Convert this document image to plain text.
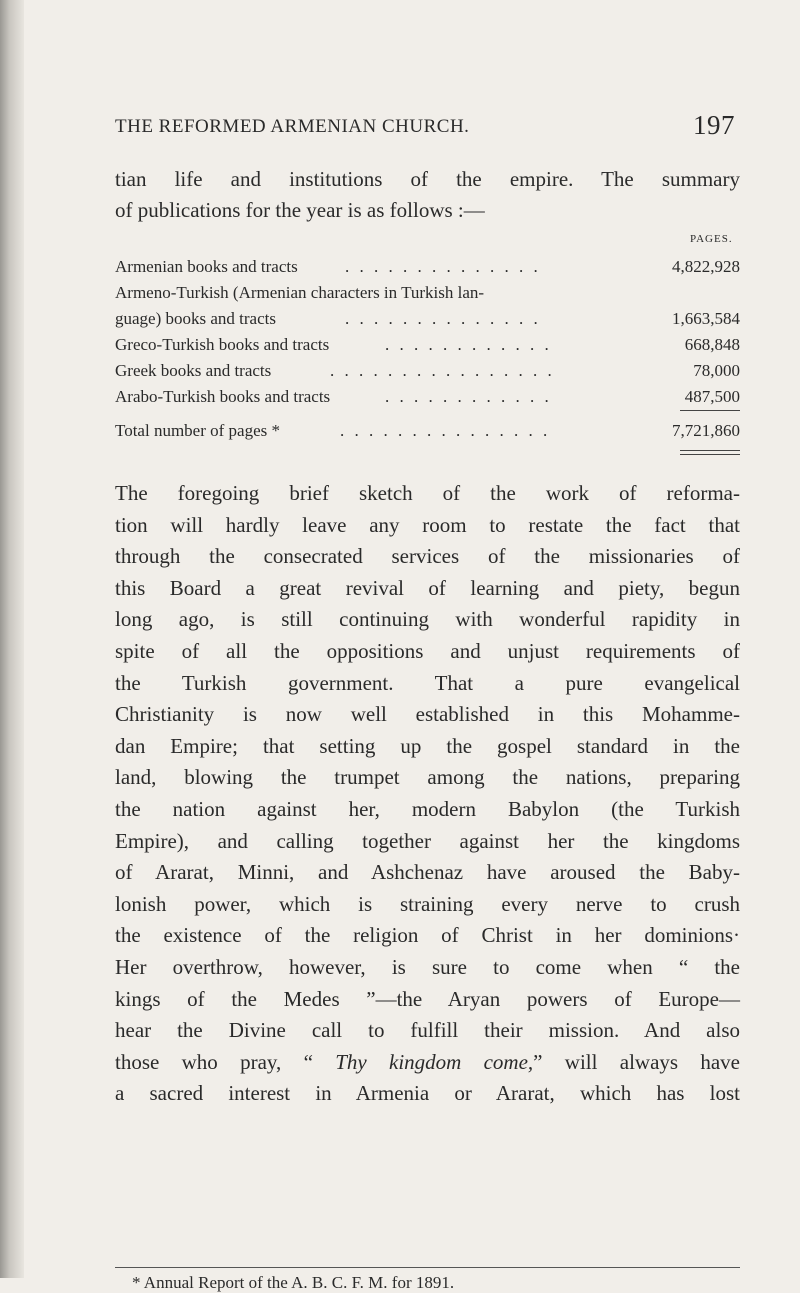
THE REFORMED ARMENIAN CHURCH.	197
tian life and institutions of the empire. The summary
of publications for the year is as follows :—
PAGES.
Armenian books and tracts	. . . . . . . . . . . . . .	4,822,928
Armeno-Turkish (Armenian characters in Turkish lan-
guage) books and tracts	. . . . . . . . . . . . . .	1,663,584
Greco-Turkish books and tracts	. . . . . . . . . . . .	668,848
Greek books and tracts	. . . . . . . . . . . . . . . .	78,000
Arabo-Turkish books and tracts	. . . . . . . . . . . .	487,500
Total number of pages *	. . . . . . . . . . . . . . .	7,721,860
The foregoing brief sketch of the work of reforma-
tion will hardly leave any room to restate the fact that
through the consecrated services of the missionaries of
this Board a great revival of learning and piety, begun
long ago, is still continuing with wonderful rapidity in
spite of all the oppositions and unjust requirements of
the Turkish government. That a pure evangelical
Christianity is now well established in this Mohamme-
dan Empire; that setting up the gospel standard in the
land, blowing the trumpet among the nations, preparing
the nation against her, modern Babylon (the Turkish
Empire), and calling together against her the kingdoms
of Ararat, Minni, and Ashchenaz have aroused the Baby-
lonish power, which is straining every nerve to crush
the existence of the religion of Christ in her dominions·
Her overthrow, however, is sure to come when “ the
kings of the Medes ”—the Aryan powers of Europe—
hear the Divine call to fulfill their mission. And also
those who pray, “ Thy kingdom come,” will always have
a sacred interest in Armenia or Ararat, which has lost
* Annual Report of the A. B. C. F. M. for 1891.
